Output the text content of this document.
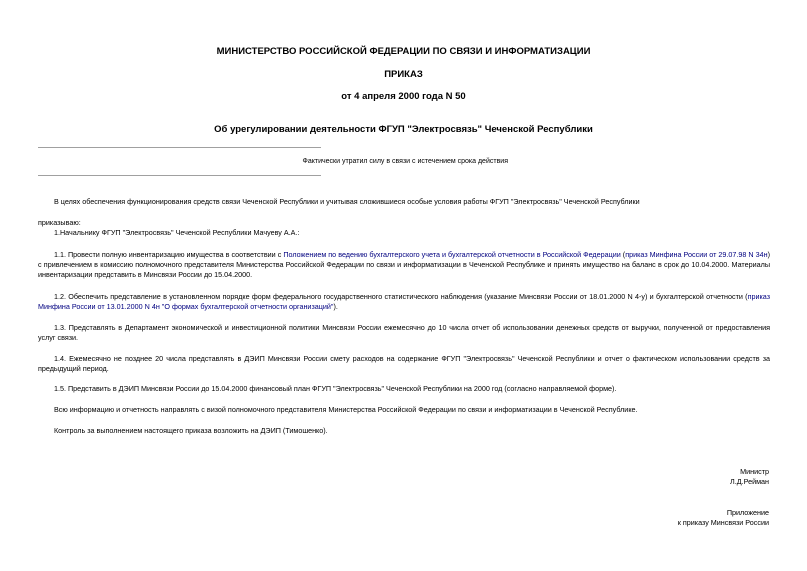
МИНИСТЕРСТВО РОССИЙСКОЙ ФЕДЕРАЦИИ ПО СВЯЗИ И ИНФОРМАТИЗАЦИИ
ПРИКАЗ
от 4 апреля 2000 года N 50
Об урегулировании деятельности ФГУП "Электросвязь" Чеченской Республики

Фактически утратил силу в связи с истечением срока действия

В целях обеспечения функционирования средств связи Чеченской Республики и учитывая сложившиеся особые условия работы ФГУП "Электросвязь" Чеченской Республики

приказываю:

1.Начальнику ФГУП "Электросвязь" Чеченской Республики Мачуеву А.А.:

1.1. Провести полную инвентаризацию имущества в соответствии с Положением по ведению бухгалтерского учета и бухгалтерской отчетности в Российской Федерации (приказ Минфина России от 29.07.98 N 34н) с привлечением в комиссию полномочного представителя Министерства Российской Федерации по связи и информатизации в Чеченской Республике и принять имущество на баланс в срок до 10.04.2000. Материалы инвентаризации представить в Минсвязи России до 15.04.2000.

1.2. Обеспечить представление в установленном порядке форм федерального государственного статистического наблюдения (указание Минсвязи России от 18.01.2000 N 4-у) и бухгалтерской отчетности (приказ Минфина России от 13.01.2000 N 4н "О формах бухгалтерской отчетности организаций").

1.3. Представлять в Департамент экономической и инвестиционной политики Минсвязи России ежемесячно до 10 числа отчет об использовании денежных средств от выручки, полученной от предоставления услуг связи.

1.4. Ежемесячно не позднее 20 числа представлять в ДЭИП Минсвязи России смету расходов на содержание ФГУП "Электросвязь" Чеченской Республики и отчет о фактическом использовании средств за предыдущий период.

1.5. Представить в ДЭИП Минсвязи России до 15.04.2000 финансовый план ФГУП "Электросвязь" Чеченской Республики на 2000 год (согласно направляемой форме).

Всю информацию и отчетность направлять с визой полномочного представителя Министерства Российской Федерации по связи и информатизации в Чеченской Республике.

Контроль за выполнением настоящего приказа возложить на ДЭИП (Тимошенко).

Министр

Л.Д.Рейман

Приложение

к приказу Минсвязи России
